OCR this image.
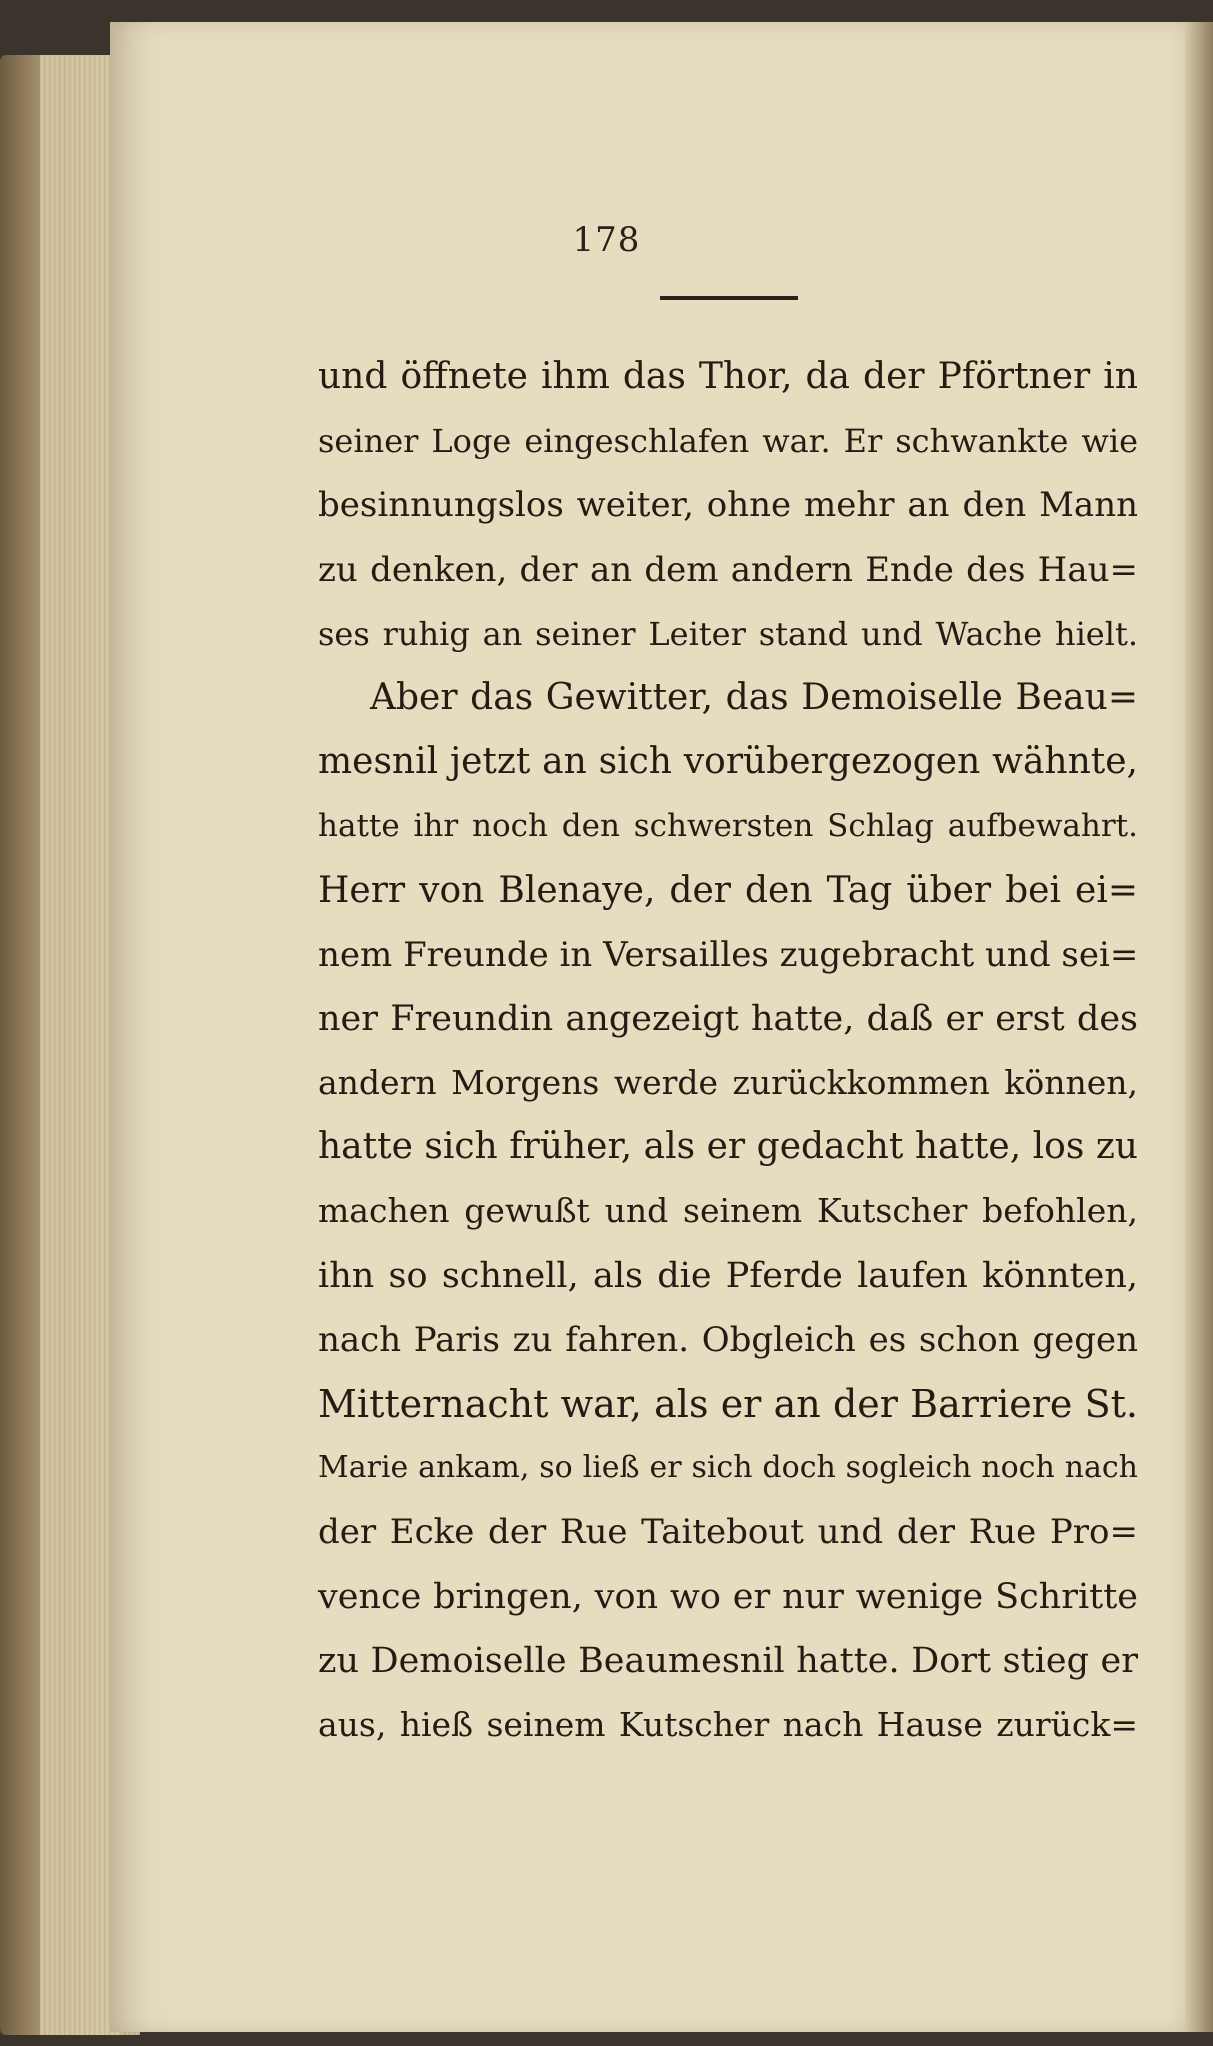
178
und öffnete ihm das Thor, da der Pförtner in
seiner Loge eingeschlafen war. Er schwankte wie
besinnungslos weiter, ohne mehr an den Mann
zu denken, der an dem andern Ende des Hau=
ses ruhig an seiner Leiter stand und Wache hielt.
Aber das Gewitter, das Demoiselle Beau=
mesnil jetzt an sich vorübergezogen wähnte,
hatte ihr noch den schwersten Schlag aufbewahrt.
Herr von Blenaye, der den Tag über bei ei=
nem Freunde in Versailles zugebracht und sei=
ner Freundin angezeigt hatte, daß er erst des
andern Morgens werde zurückkommen können,
hatte sich früher, als er gedacht hatte, los zu
machen gewußt und seinem Kutscher befohlen,
ihn so schnell, als die Pferde laufen könnten,
nach Paris zu fahren. Obgleich es schon gegen
Mitternacht war, als er an der Barriere St.
Marie ankam, so ließ er sich doch sogleich noch nach
der Ecke der Rue Taitebout und der Rue Pro=
vence bringen, von wo er nur wenige Schritte
zu Demoiselle Beaumesnil hatte. Dort stieg er
aus, hieß seinem Kutscher nach Hause zurück=
